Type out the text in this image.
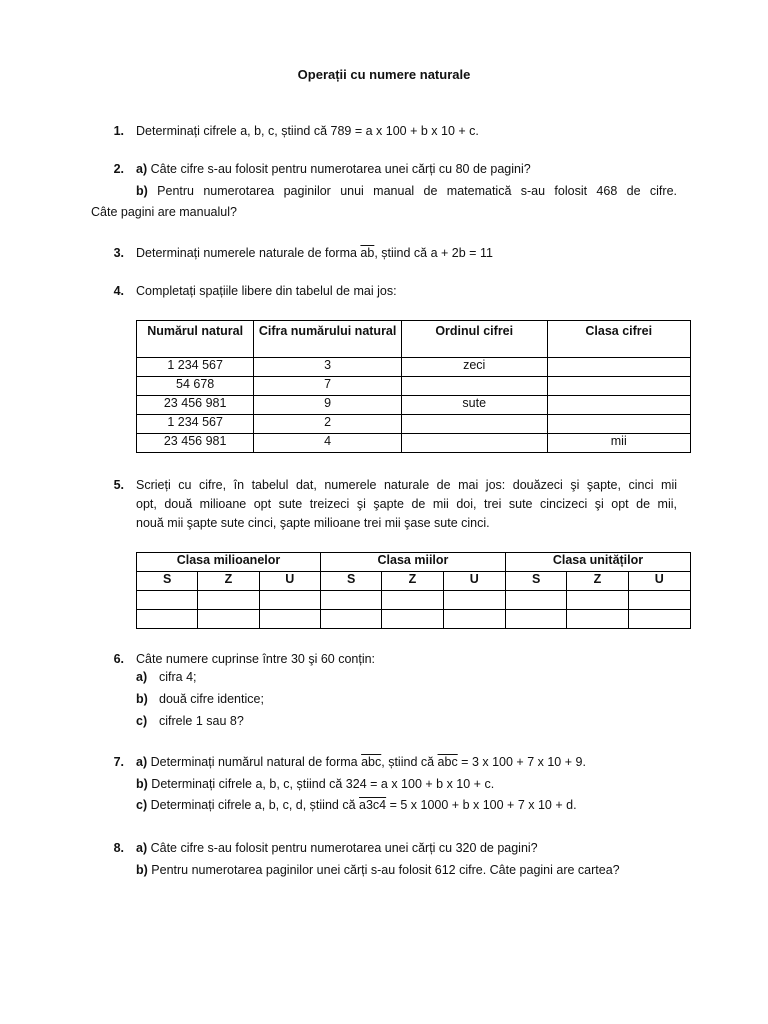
Operații cu numere naturale
1. Determinați cifrele a, b, c, știind că 789 = a x 100 + b x 10 + c.
2. a) Câte cifre s-au folosit pentru numerotarea unei cărți cu 80 de pagini?
b) Pentru numerotarea paginilor unui manual de matematică s-au folosit 468 de cifre.
Câte pagini are manualul?
3. Determinați numerele naturale de forma $\overline{ab}$, știind că a + 2b = 11
4. Completați spațiile libere din tabelul de mai jos:
Numărul natural	Cifra numărului natural	Ordinul cifrei	Clasa cifrei
1 234 567	3	zeci	
54 678	7		
23 456 981	9	sute	
1 234 567	2		
23 456 981	4		mii
5. Scrieți cu cifre, în tabelul dat, numerele naturale de mai jos: douăzeci şi şapte, cinci mii
opt, două milioane opt sute treizeci şi şapte de mii doi, trei sute cincizeci şi opt de mii,
nouă mii şapte sute cinci, şapte milioane trei mii şase sute cinci.
Clasa milioanelor			Clasa miilor			Clasa unităților		
S	Z	U	S	Z	U	S	Z	U

6. Câte numere cuprinse între 30 şi 60 conțin:
a) cifra 4;
b) două cifre identice;
c) cifrele 1 sau 8?
7. a) Determinați numărul natural de forma $\overline{abc}$, știind că $\overline{abc} = 3$ x 100 + 7 x 10 + 9.
b) Determinați cifrele a, b, c, știind că 324 = a x 100 + b x 10 + c.
c) Determinați cifrele a, b, c, d, știind că a3c4 = 5 x 1000 + b x 100 + 7 x 10 + d.
8. a) Câte cifre s-au folosit pentru numerotarea unei cărți cu 320 de pagini?
b) Pentru numerotarea paginilor unei cărți s-au folosit 612 cifre. Câte pagini are cartea?
